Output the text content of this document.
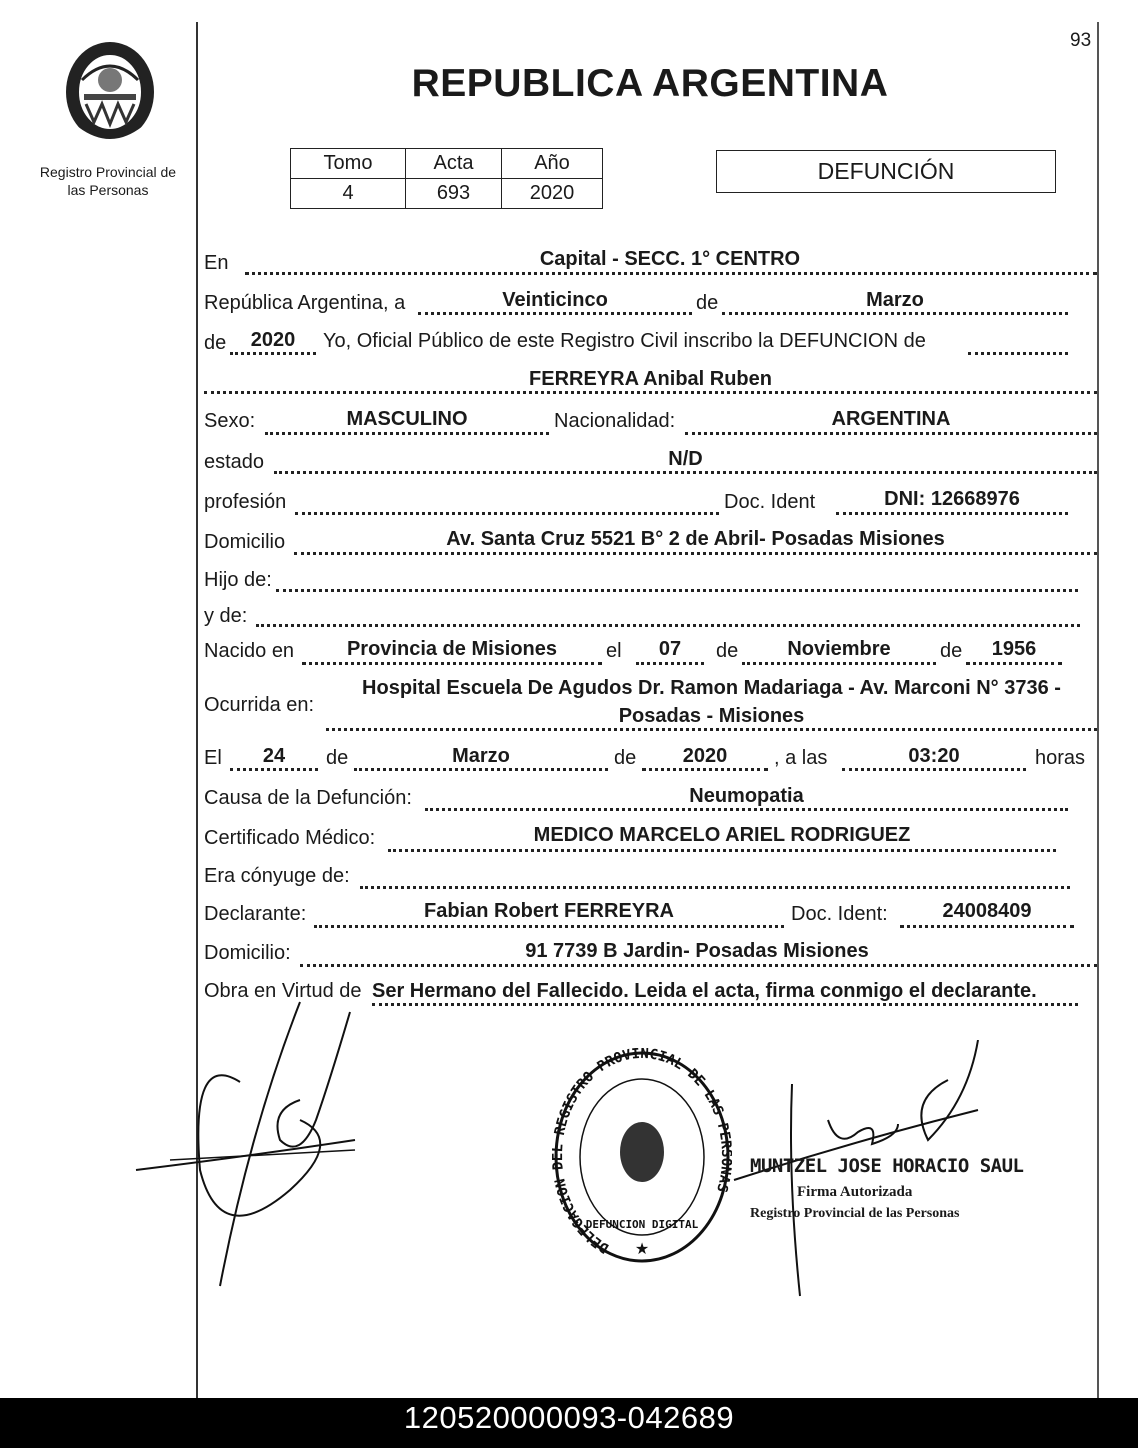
93
Registro Provincial de
las Personas
REPUBLICA ARGENTINA
Tomo	Acta	Año
4	693	2020
DEFUNCIÓN
En	Capital - SECC. 1° CENTRO
República Argentina, a	Veinticinco	de	Marzo
de	2020	Yo, Oficial Público de este Registro Civil inscribo la DEFUNCION de
FERREYRA Anibal Ruben
Sexo:	MASCULINO	Nacionalidad:	ARGENTINA
estado	N/D
profesión	Doc. Ident	DNI: 12668976
Domicilio	Av. Santa Cruz 5521 B° 2 de Abril- Posadas Misiones
Hijo de:
y de:
Nacido en	Provincia de Misiones	el	07	de	Noviembre	de	1956
Ocurrida en:
Hospital Escuela De Agudos Dr. Ramon Madariaga - Av. Marconi N° 3736 -
Posadas - Misiones
El	24	de	Marzo	de	2020	, a las	03:20	horas
Causa de la Defunción:	Neumopatia
Certificado Médico:	MEDICO MARCELO ARIEL RODRIGUEZ
Era cónyuge de:
Declarante:	Fabian Robert FERREYRA	Doc. Ident:	24008409
Domicilio:	91 7739 B Jardin- Posadas Misiones
Obra en Virtud de Ser Hermano del Fallecido. Leida el acta, firma conmigo el declarante.
DELEGACION REGISTRO PROVINCIAL DE LAS PE NAS
DEFUNCION DIGITAL
★
MUNTZEL JOSE HORACIO SAUL
Firma Autorizada
Registro Provincial de las Personas
120520000093-042689
